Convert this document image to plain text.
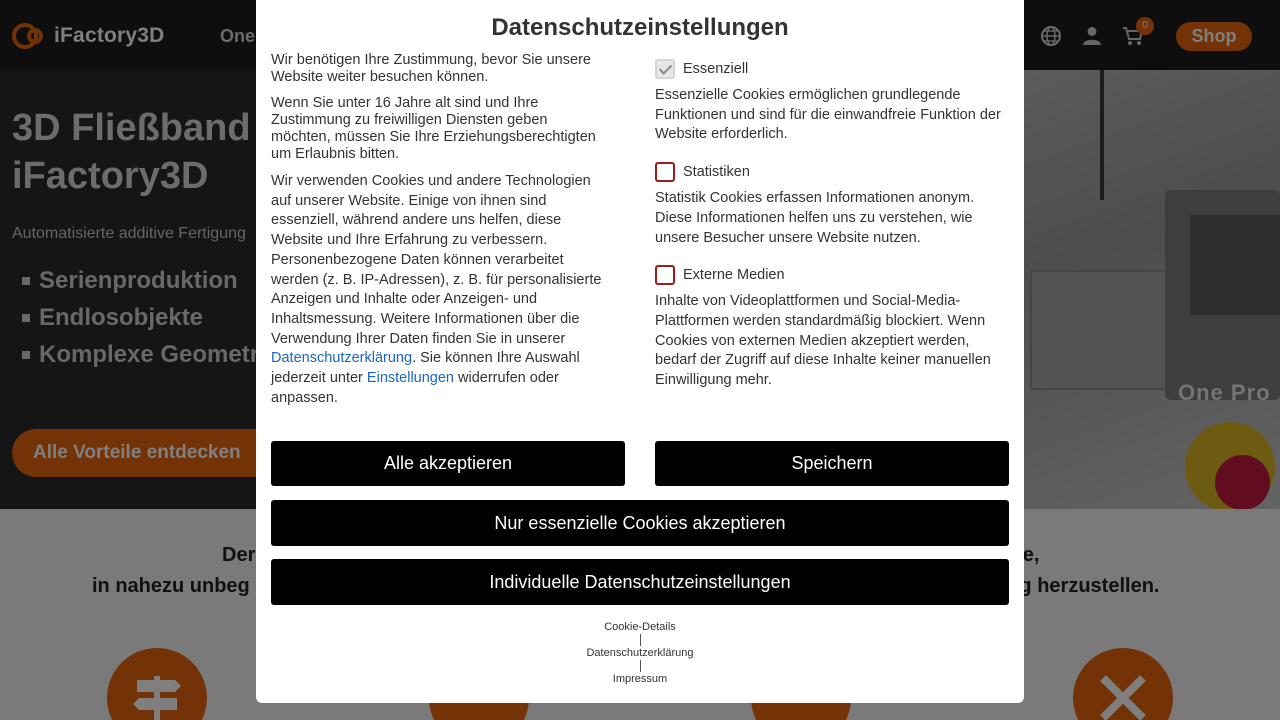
Datenschutzeinstellungen

Wir benötigen Ihre Zustimmung, bevor Sie unsere Website weiter besuchen können.

Wenn Sie unter 16 Jahre alt sind und Ihre Zustimmung zu freiwilligen Diensten geben möchten, müssen Sie Ihre Erziehungsberechtigten um Erlaubnis bitten.

Wir verwenden Cookies und andere Technologien auf unserer Website. Einige von ihnen sind essenziell, während andere uns helfen, diese Website und Ihre Erfahrung zu verbessern. Personenbezogene Daten können verarbeitet werden (z. B. IP-Adressen), z. B. für personalisierte Anzeigen und Inhalte oder Anzeigen- und Inhaltsmessung. Weitere Informationen über die Verwendung Ihrer Daten finden Sie in unserer Datenschutzerklärung. Sie können Ihre Auswahl jederzeit unter Einstellungen widerrufen oder anpassen.

Essenziell

Essenzielle Cookies ermöglichen grundlegende Funktionen und sind für die einwandfreie Funktion der Website erforderlich.

Statistiken

Statistik Cookies erfassen Informationen anonym. Diese Informationen helfen uns zu verstehen, wie unsere Besucher unsere Website nutzen.

Externe Medien

Inhalte von Videoplattformen und Social-Media-Plattformen werden standardmäßig blockiert. Wenn Cookies von externen Medien akzeptiert werden, bedarf der Zugriff auf diese Inhalte keiner manuellen Einwilligung mehr.

Alle akzeptieren	Speichern
Nur essenzielle Cookies akzeptieren
Individuelle Datenschutzeinstellungen
Cookie-Details
Datenschutzerklärung
Impressum
